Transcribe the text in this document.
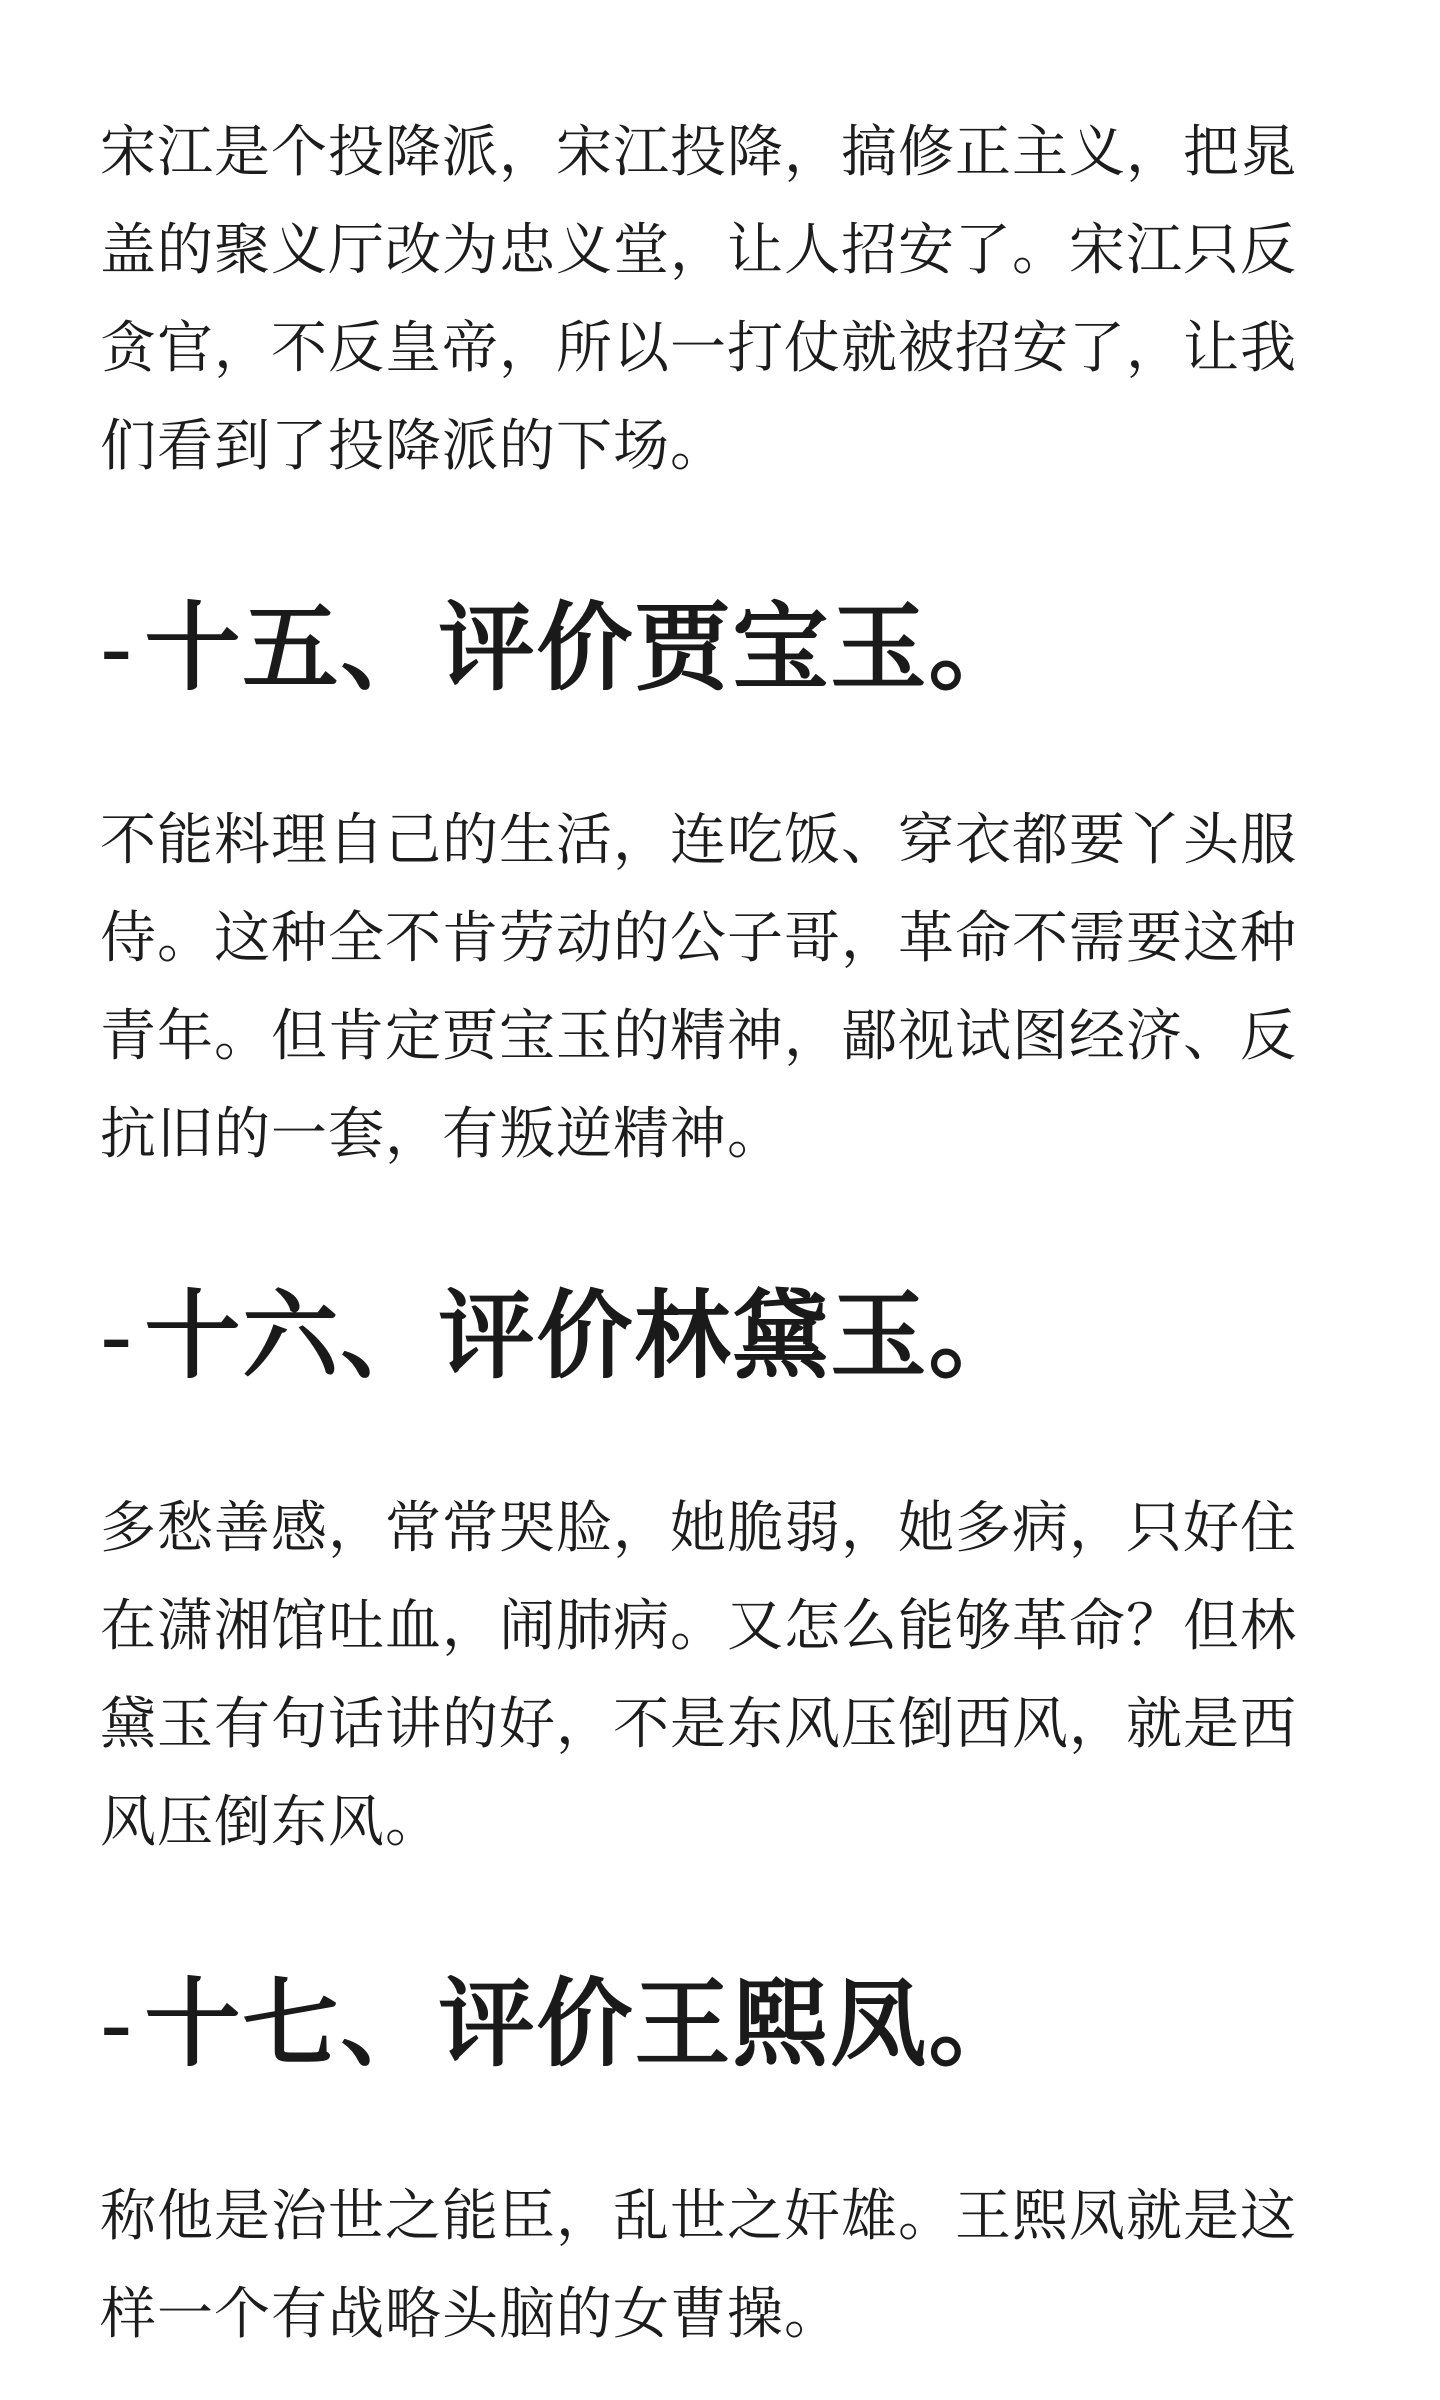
宋江是个投降派，宋江投降，搞修正主义，把晁盖的聚义厅改为忠义堂，让人招安了。宋江只反贪官，不反皇帝，所以一打仗就被招安了，让我们看到了投降派的下场。

- 十五、评价贾宝玉。

不能料理自己的生活，连吃饭、穿衣都要丫头服侍。这种全不肯劳动的公子哥，革命不需要这种青年。但肯定贾宝玉的精神，鄙视试图经济、反抗旧的一套，有叛逆精神。

- 十六、评价林黛玉。

多愁善感，常常哭脸，她脆弱，她多病，只好住在潇湘馆吐血，闹肺病。又怎么能够革命？但林黛玉有句话讲的好，不是东风压倒西风，就是西风压倒东风。

- 十七、评价王熙凤。

称他是治世之能臣，乱世之奸雄。王熙凤就是这样一个有战略头脑的女曹操。
